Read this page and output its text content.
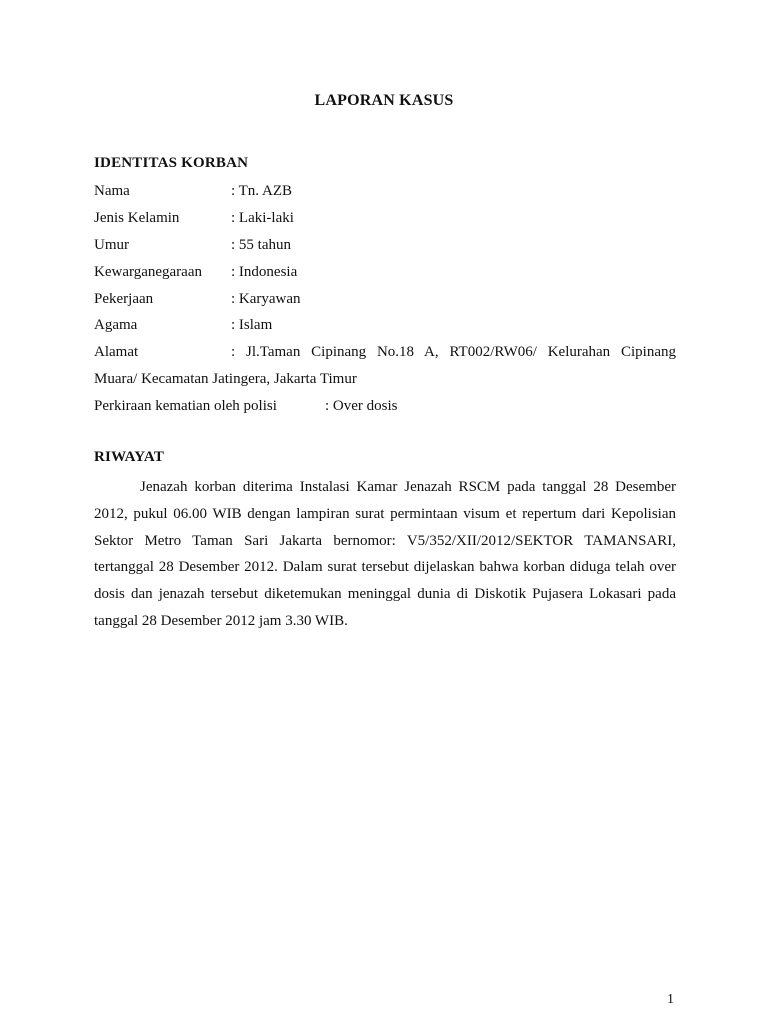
LAPORAN KASUS
IDENTITAS KORBAN
Nama	: Tn. AZB
Jenis Kelamin	: Laki-laki
Umur	: 55 tahun
Kewarganegaraan : Indonesia
Pekerjaan	: Karyawan
Agama	: Islam
Alamat	: Jl.Taman Cipinang No.18 A, RT002/RW06/ Kelurahan Cipinang
Muara/ Kecamatan Jatingera, Jakarta Timur
Perkiraan kematian oleh polisi	: Over dosis
RIWAYAT
Jenazah korban diterima Instalasi Kamar Jenazah RSCM pada tanggal 28 Desember 2012, pukul 06.00 WIB dengan lampiran surat permintaan visum et repertum dari Kepolisian Sektor Metro Taman Sari Jakarta bernomor: V5/352/XII/2012/SEKTOR TAMANSARI, tertanggal 28 Desember 2012. Dalam surat tersebut dijelaskan bahwa korban diduga telah over dosis dan jenazah tersebut diketemukan meninggal dunia di Diskotik Pujasera Lokasari pada tanggal 28 Desember 2012 jam 3.30 WIB.
1
